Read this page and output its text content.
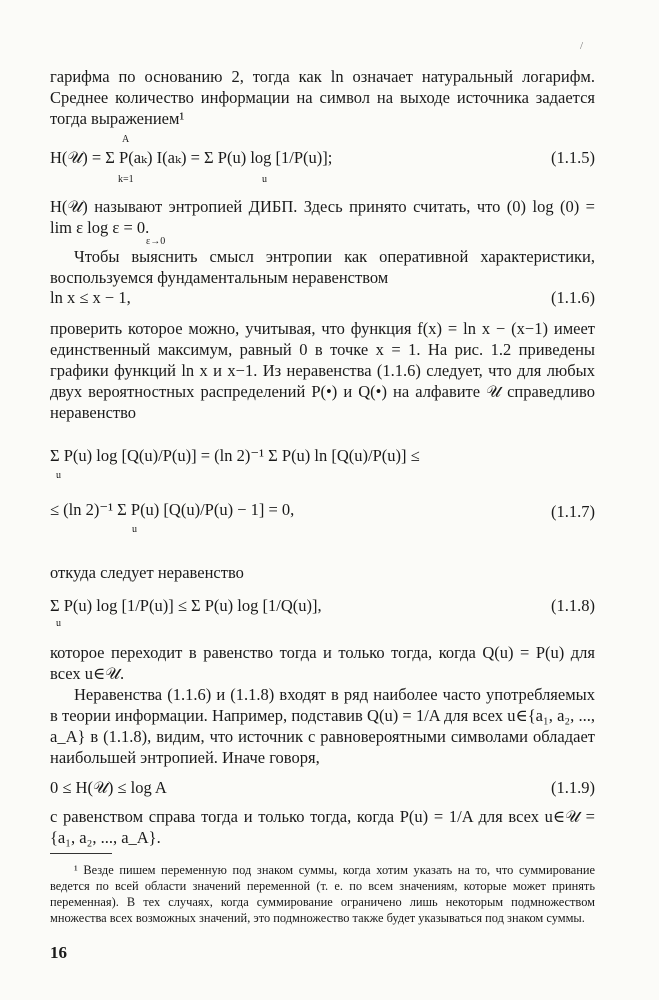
/

гарифма по основанию 2, тогда как ln означает натуральный логарифм. Среднее количество информации на символ на выходе источника задается тогда выражением¹

A
k=1	u
H(𝒰) = Σ P(aₖ) I(aₖ) = Σ P(u) log [1/P(u)];	(1.1.5)

H(𝒰) называют энтропией ДИБП. Здесь принято считать, что (0) log (0) = lim ε log ε = 0.

ε→0

Чтобы выяснить смысл энтропии как оперативной характеристики, воспользуемся фундаментальным неравенством

ln x ≤ x − 1,	(1.1.6)

проверить которое можно, учитывая, что функция f(x) = ln x − (x−1) имеет единственный максимум, равный 0 в точке x = 1. На рис. 1.2 приведены графики функций ln x и x−1. Из неравенства (1.1.6) следует, что для любых двух вероятностных распределений P(•) и Q(•) на алфавите 𝒰 справедливо неравенство

Σ P(u) log [Q(u)/P(u)] = (ln 2)⁻¹ Σ P(u) ln [Q(u)/P(u)] ≤
u
≤ (ln 2)⁻¹ Σ P(u) [Q(u)/P(u) − 1] = 0,
u
(1.1.7)

откуда следует неравенство

Σ P(u) log [1/P(u)] ≤ Σ P(u) log [1/Q(u)],
u
(1.1.8)

которое переходит в равенство тогда и только тогда, когда Q(u) = P(u) для всех u∈𝒰.

Неравенства (1.1.6) и (1.1.8) входят в ряд наиболее часто употребляемых в теории информации. Например, подставив Q(u) = 1/A для всех u∈{a₁, a₂, ..., a_A} в (1.1.8), видим, что источник с равновероятными символами обладает наибольшей энтропией. Иначе говоря,

0 ≤ H(𝒰) ≤ log A	(1.1.9)

с равенством справа тогда и только тогда, когда P(u) = 1/A для всех u∈𝒰 = {a₁, a₂, ..., a_A}.

¹ Везде пишем переменную под знаком суммы, когда хотим указать на то, что суммирование ведется по всей области значений переменной (т. е. по всем значениям, которые может принять переменная). В тех случаях, когда суммирование ограничено лишь некоторым подмножеством множества всех возможных значений, это подмножество также будет указываться под знаком суммы.

16
